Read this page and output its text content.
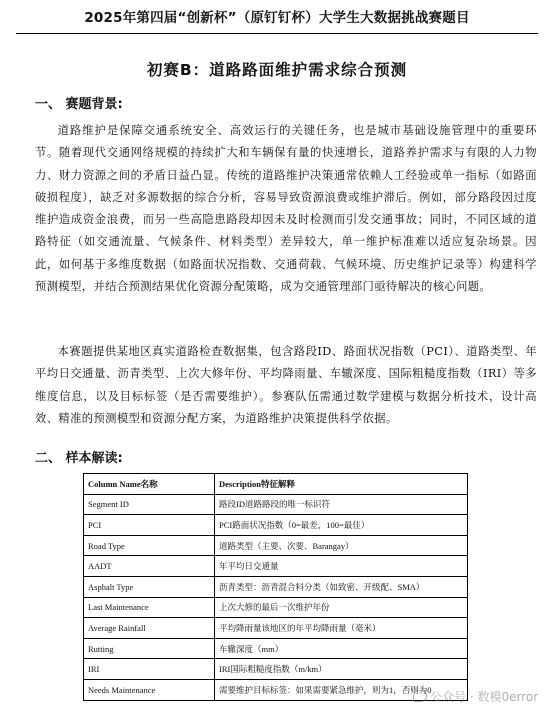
2025年第四届“创新杯”（原钉钉杯）大学生大数据挑战赛题目
初赛B：道路路面维护需求综合预测
一、 赛题背景:
道路维护是保障交通系统安全、高效运行的关键任务，也是城市基础设施管理中的重要环节。随着现代交通网络规模的持续扩大和车辆保有量的快速增长，道路养护需求与有限的人力物力、财力资源之间的矛盾日益凸显。传统的道路维护决策通常依赖人工经验或单一指标（如路面破损程度），缺乏对多源数据的综合分析，容易导致资源浪费或维护滞后。例如，部分路段因过度维护造成资金浪费，而另一些高隐患路段却因未及时检测而引发交通事故；同时，不同区域的道路特征（如交通流量、气候条件、材料类型）差异较大，单一维护标准难以适应复杂场景。因此，如何基于多维度数据（如路面状况指数、交通荷载、气候环境、历史维护记录等）构建科学预测模型，并结合预测结果优化资源分配策略，成为交通管理部门亟待解决的核心问题。
本赛题提供某地区真实道路检查数据集，包含路段ID、路面状况指数（PCI）、道路类型、年平均日交通量、沥青类型、上次大修年份、平均降雨量、车辙深度、国际粗糙度指数（IRI）等多维度信息，以及目标标签（是否需要维护）。参赛队伍需通过数学建模与数据分析技术，设计高效、精准的预测模型和资源分配方案，为道路维护决策提供科学依据。
二、 样本解读:
Column Name名称	Description特征解释
Segment ID	路段ID道路路段的唯一标识符
PCI	PCI路面状况指数（0=最差，100=最佳）
Road Type	道路类型（主要、次要、Barangay）
AADT	年平均日交通量
Asphalt Type	沥青类型：沥青混合料分类（如致密、开级配、SMA）
Last Maintenance	上次大修的最后一次维护年份
Average Rainfall	平均降雨量该地区的年平均降雨量（毫米）
Rutting	车辙深度（mm）
IRI	IRI国际粗糙度指数（m/km）
Needs Maintenance	需要维护目标标签：如果需要紧急维护，则为1，否则为0
公众号 · 数模0error
